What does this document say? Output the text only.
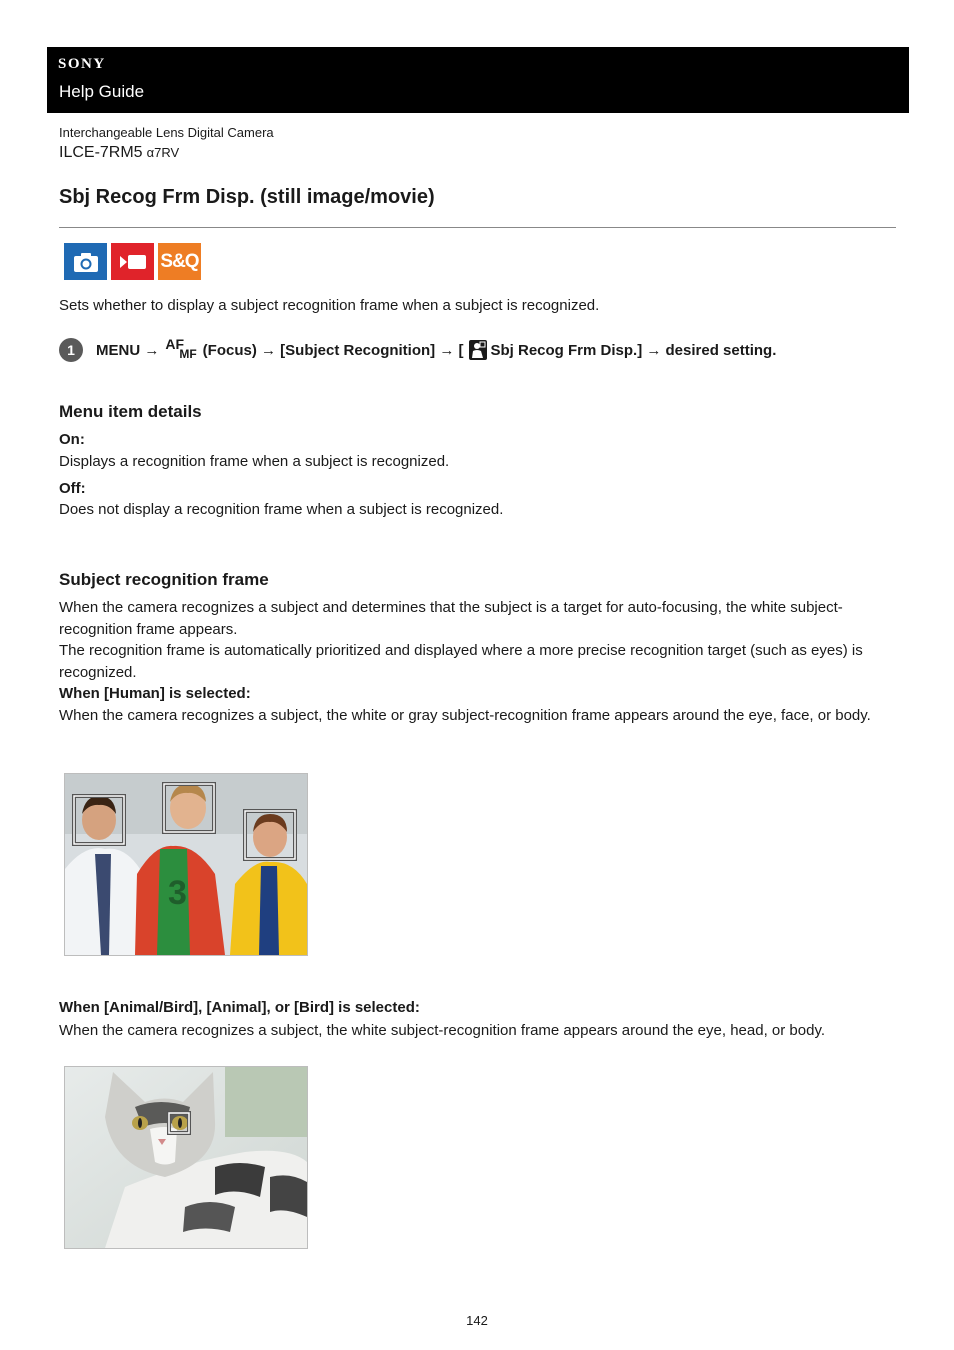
SONY
Help Guide
Interchangeable Lens Digital Camera
ILCE-7RM5 α7RV
Sbj Recog Frm Disp. (still image/movie)
S&Q
Sets whether to display a subject recognition frame when a subject is recognized.
1	MENU → AF
MF (Focus) → [Subject Recognition] → [ Sbj Recog Frm Disp.] → desired setting.
Menu item details
On:
Displays a recognition frame when a subject is recognized.
Off:
Does not display a recognition frame when a subject is recognized.
Subject recognition frame
When the camera recognizes a subject and determines that the subject is a target for auto-focusing, the white subject-recognition frame appears.
The recognition frame is automatically prioritized and displayed where a more precise recognition target (such as eyes) is recognized.
When [Human] is selected:
When the camera recognizes a subject, the white or gray subject-recognition frame appears around the eye, face, or body.
3
When [Animal/Bird], [Animal], or [Bird] is selected:
When the camera recognizes a subject, the white subject-recognition frame appears around the eye, head, or body.
142
